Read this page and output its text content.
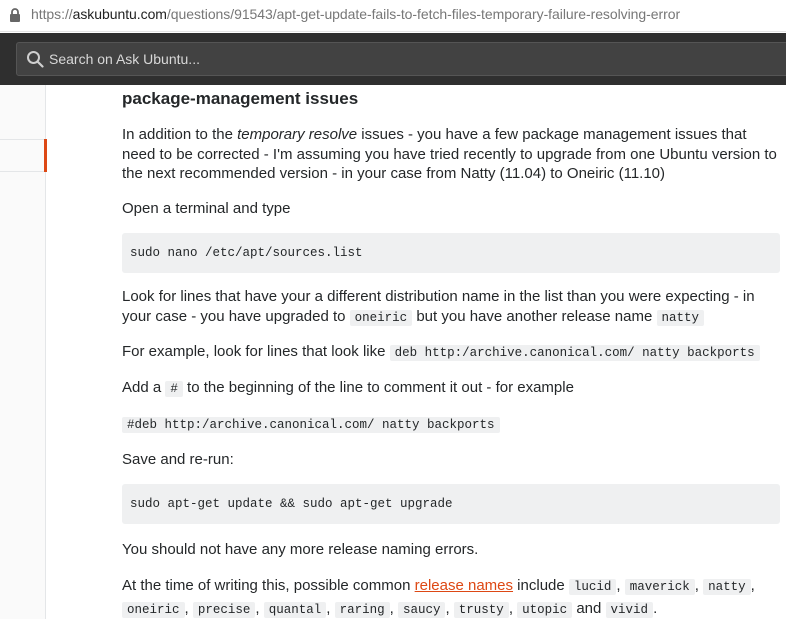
https://askubuntu.com/questions/91543/apt-get-update-fails-to-fetch-files-temporary-failure-resolving-error
Search on Ask Ubuntu...
package-management issues

In addition to the temporary resolve issues - you have a few package management issues that need to be corrected - I'm assuming you have tried recently to upgrade from one Ubuntu version to the next recommended version - in your case from Natty (11.04) to Oneiric (11.10)

Open a terminal and type

sudo nano /etc/apt/sources.list

Look for lines that have your a different distribution name in the list than you were expecting - in your case - you have upgraded to oneiric but you have another release name natty

For example, look for lines that look like deb http:/archive.canonical.com/ natty backports

Add a # to the beginning of the line to comment it out - for example

#deb http:/archive.canonical.com/ natty backports

Save and re-run:

sudo apt-get update && sudo apt-get upgrade

You should not have any more release naming errors.

At the time of writing this, possible common release names include lucid , maverick , natty , oneiric , precise , quantal , raring , saucy , trusty , utopic and vivid .
